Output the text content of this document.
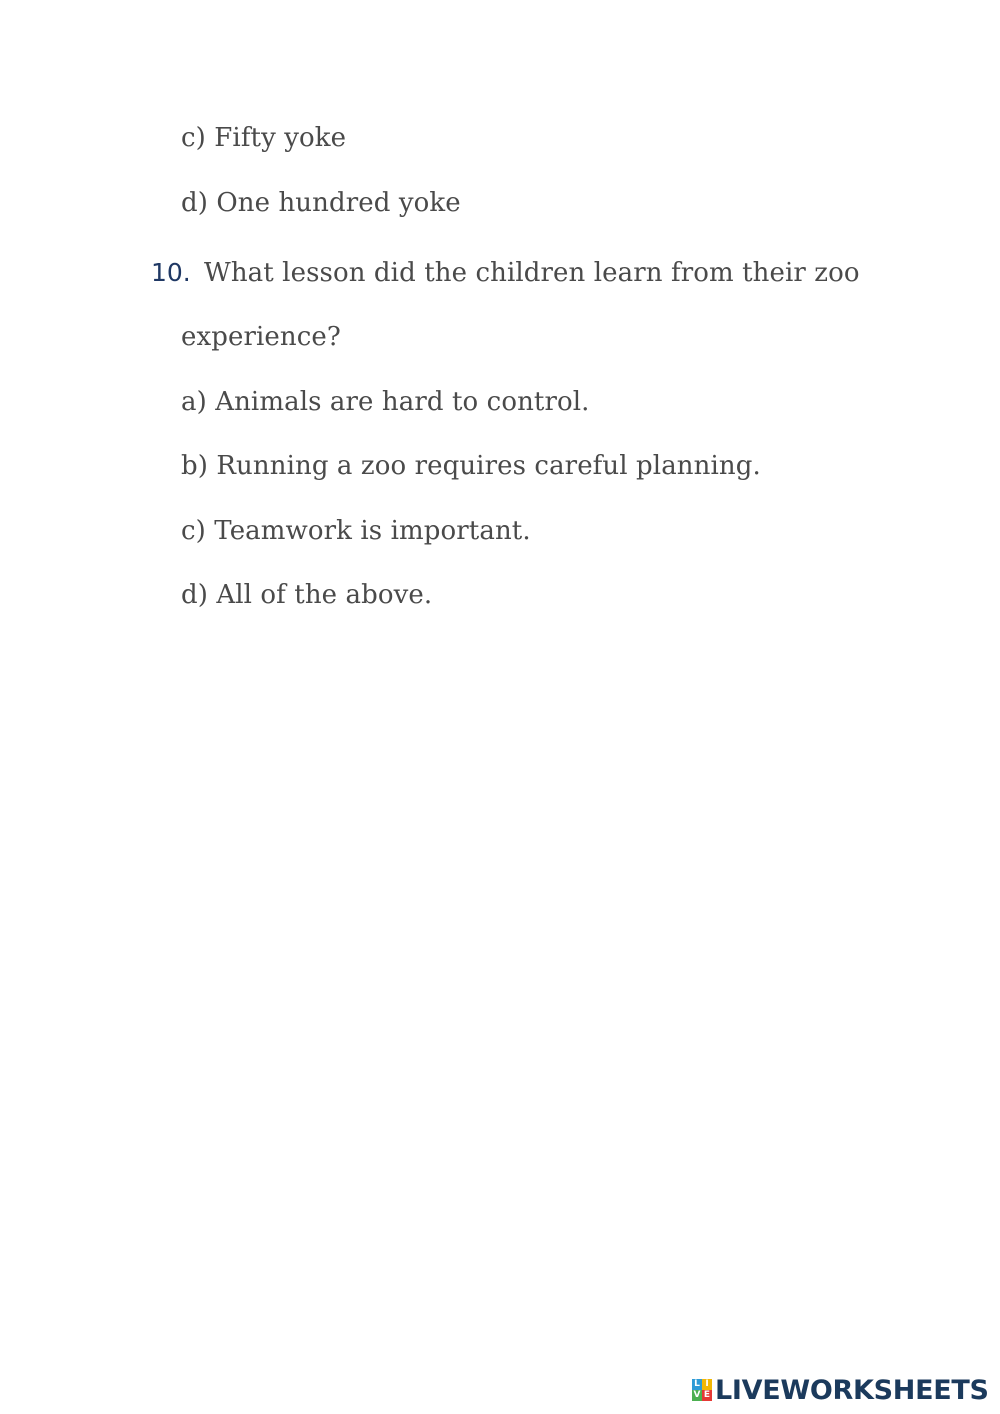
c) Fifty yoke
d) One hundred yoke
10. What lesson did the children learn from their zoo
experience?
a) Animals are hard to control.
b) Running a zoo requires careful planning.
c) Teamwork is important.
d) All of the above.
L I
V E LIVEWORKSHEETS
